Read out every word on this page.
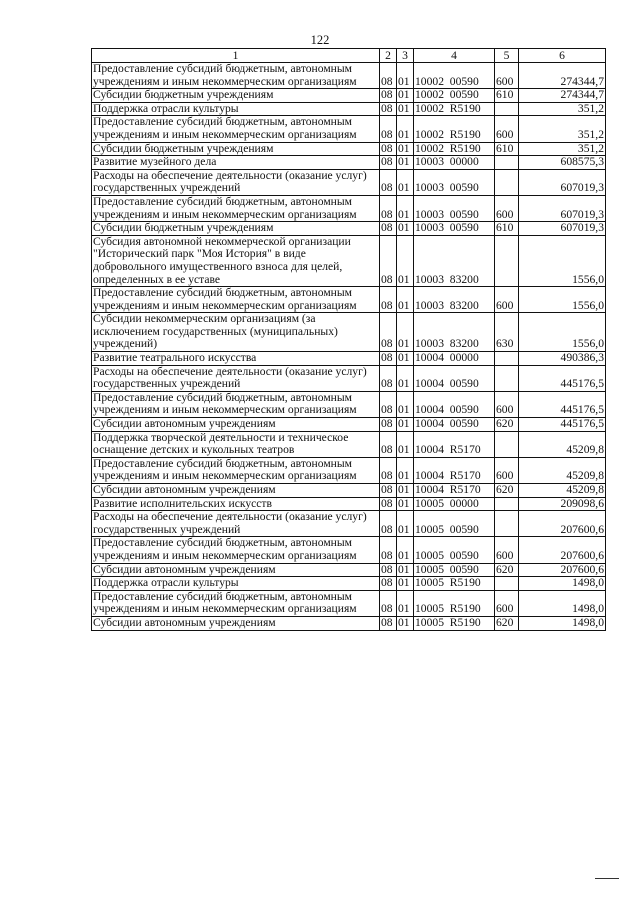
122
1	2	3	4	5	6
Предоставление субсидий бюджетным, автономным учреждениям и иным некоммерческим организациям	08	01	10002  00590	600	274344,7
Субсидии бюджетным учреждениям	08	01	10002  00590	610	274344,7
Поддержка отрасли культуры	08	01	10002  R5190		351,2
Предоставление субсидий бюджетным, автономным учреждениям и иным некоммерческим организациям	08	01	10002  R5190	600	351,2
Субсидии бюджетным учреждениям	08	01	10002  R5190	610	351,2
Развитие музейного дела	08	01	10003  00000		608575,3
Расходы на обеспечение деятельности (оказание услуг) государственных учреждений	08	01	10003  00590		607019,3
Предоставление субсидий бюджетным, автономным учреждениям и иным некоммерческим организациям	08	01	10003  00590	600	607019,3
Субсидии бюджетным учреждениям	08	01	10003  00590	610	607019,3
Субсидия автономной некоммерческой организации "Исторический парк "Моя История" в виде добровольного имущественного взноса для целей, определенных в ее уставе	08	01	10003  83200		1556,0
Предоставление субсидий бюджетным, автономным учреждениям и иным некоммерческим организациям	08	01	10003  83200	600	1556,0
Субсидии некоммерческим организациям (за исключением государственных (муниципальных) учреждений)	08	01	10003  83200	630	1556,0
Развитие театрального искусства	08	01	10004  00000		490386,3
Расходы на обеспечение деятельности (оказание услуг) государственных учреждений	08	01	10004  00590		445176,5
Предоставление субсидий бюджетным, автономным учреждениям и иным некоммерческим организациям	08	01	10004  00590	600	445176,5
Субсидии автономным учреждениям	08	01	10004  00590	620	445176,5
Поддержка творческой деятельности и техническое оснащение детских и кукольных театров	08	01	10004  R5170		45209,8
Предоставление субсидий бюджетным, автономным учреждениям и иным некоммерческим организациям	08	01	10004  R5170	600	45209,8
Субсидии автономным учреждениям	08	01	10004  R5170	620	45209,8
Развитие исполнительских искусств	08	01	10005  00000		209098,6
Расходы на обеспечение деятельности (оказание услуг) государственных учреждений	08	01	10005  00590		207600,6
Предоставление субсидий бюджетным, автономным учреждениям и иным некоммерческим организациям	08	01	10005  00590	600	207600,6
Субсидии автономным учреждениям	08	01	10005  00590	620	207600,6
Поддержка отрасли культуры	08	01	10005  R5190		1498,0
Предоставление субсидий бюджетным, автономным учреждениям и иным некоммерческим организациям	08	01	10005  R5190	600	1498,0
Субсидии автономным учреждениям	08	01	10005  R5190	620	1498,0
